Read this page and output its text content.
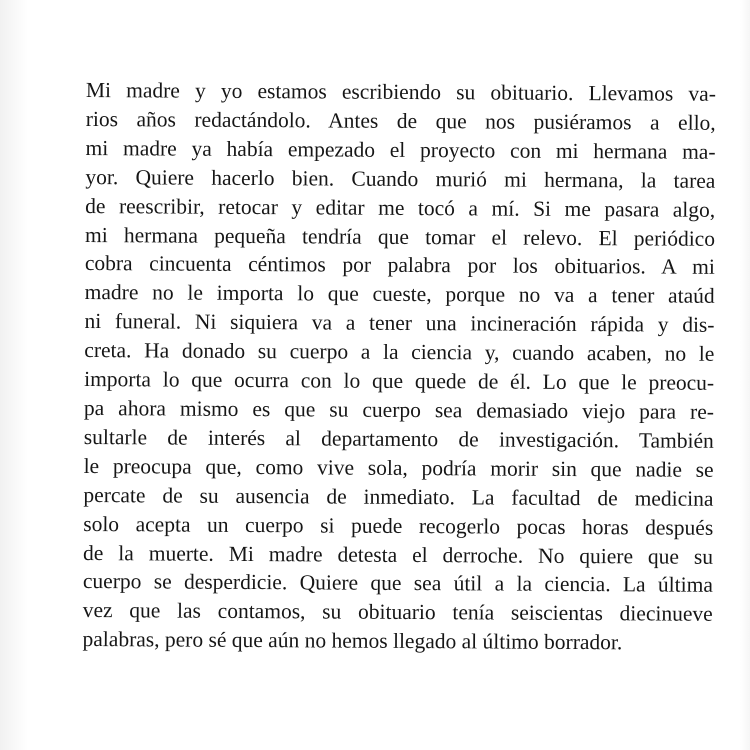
Mi madre y yo estamos escribiendo su obituario. Llevamos va-
rios años redactándolo. Antes de que nos pusiéramos a ello,
mi madre ya había empezado el proyecto con mi hermana ma-
yor. Quiere hacerlo bien. Cuando murió mi hermana, la tarea
de reescribir, retocar y editar me tocó a mí. Si me pasara algo,
mi hermana pequeña tendría que tomar el relevo. El periódico
cobra cincuenta céntimos por palabra por los obituarios. A mi
madre no le importa lo que cueste, porque no va a tener ataúd
ni funeral. Ni siquiera va a tener una incineración rápida y dis-
creta. Ha donado su cuerpo a la ciencia y, cuando acaben, no le
importa lo que ocurra con lo que quede de él. Lo que le preocu-
pa ahora mismo es que su cuerpo sea demasiado viejo para re-
sultarle de interés al departamento de investigación. También
le preocupa que, como vive sola, podría morir sin que nadie se
percate de su ausencia de inmediato. La facultad de medicina
solo acepta un cuerpo si puede recogerlo pocas horas después
de la muerte. Mi madre detesta el derroche. No quiere que su
cuerpo se desperdicie. Quiere que sea útil a la ciencia. La última
vez que las contamos, su obituario tenía seiscientas diecinueve
palabras, pero sé que aún no hemos llegado al último borrador.
